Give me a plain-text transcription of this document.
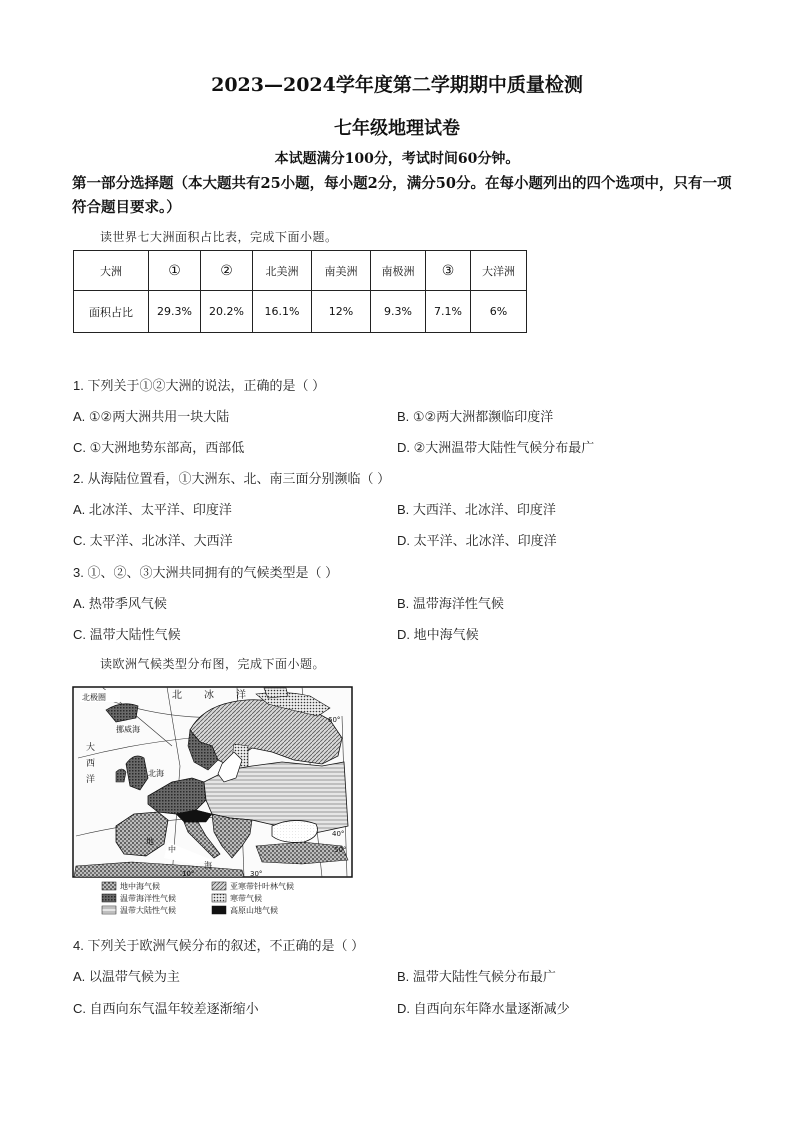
2023—2024学年度第二学期期中质量检测
七年级地理试卷
本试题满分100分，考试时间60分钟。
第一部分选择题（本大题共有25小题，每小题2分，满分50分。在每小题列出的四个选项中，只有一项符合题目要求。）
读世界七大洲面积占比表，完成下面小题。
大洲	①	②	北美洲	南美洲	南极洲	③	大洋洲
面积占比	29.3%	20.2%	16.1%	12%	9.3%	7.1%	6%
1. 下列关于①②大洲的说法，正确的是（ ）
A. ①②两大洲共用一块大陆	B. ①②两大洲都濒临印度洋
C. ①大洲地势东部高，西部低	D. ②大洲温带大陆性气候分布最广
2. 从海陆位置看，①大洲东、北、南三面分别濒临（ ）
A. 北冰洋、太平洋、印度洋	B. 大西洋、北冰洋、印度洋
C. 太平洋、北冰洋、大西洋	D. 太平洋、北冰洋、印度洋
3. ①、②、③大洲共同拥有的气候类型是（ ）
A. 热带季风气候	B. 温带海洋性气候
C. 温带大陆性气候	D. 地中海气候
读欧洲气候类型分布图，完成下面小题。
北 冰 洋
北极圈
挪威海
大
西
洋
北海
黑 海
地
中
海
60°
40°
50°
10°	30°
地中海气候
温带海洋性气候
温带大陆性气候
亚寒带针叶林气候
寒带气候
高原山地气候
4. 下列关于欧洲气候分布的叙述，不正确的是（ ）
A. 以温带气候为主	B. 温带大陆性气候分布最广
C. 自西向东气温年较差逐渐缩小	D. 自西向东年降水量逐渐减少
